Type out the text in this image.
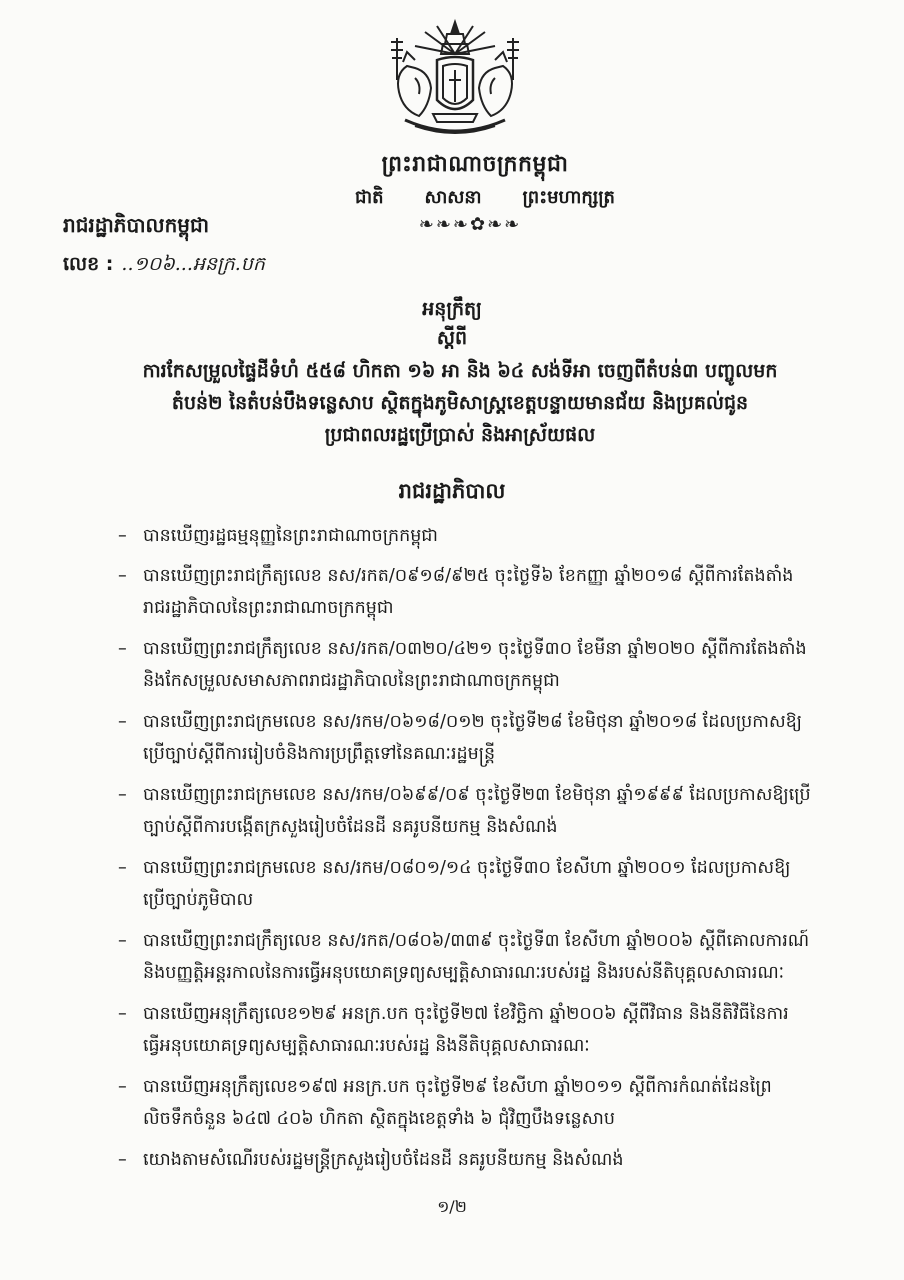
ព្រះរាជាណាចក្រកម្ពុជា
ជាតិ សាសនា ព្រះមហាក្សត្រ
❧❧❧✿❧❧
រាជរដ្ឋាភិបាលកម្ពុជា
លេខ : ..១០៦...អនក្រ.បក
អនុក្រឹត្យ
ស្តីពី
ការកែសម្រួលផ្ទៃដីទំហំ ៥៥៨ ហិកតា ១៦ អា និង ៦៤ សង់ទីអា ចេញពីតំបន់៣ បញ្ចូលមក
តំបន់២ នៃតំបន់បឹងទន្លេសាប ស្ថិតក្នុងភូមិសាស្ត្រខេត្តបន្ទាយមានជ័យ និងប្រគល់ជូន
ប្រជាពលរដ្ឋប្រើប្រាស់ និងអាស្រ័យផល
រាជរដ្ឋាភិបាល
– បានឃើញរដ្ឋធម្មនុញ្ញនៃព្រះរាជាណាចក្រកម្ពុជា
– បានឃើញព្រះរាជក្រឹត្យលេខ នស/រកត/០៩១៨/៩២៥ ចុះថ្ងៃទី៦ ខែកញ្ញា ឆ្នាំ២០១៨ ស្តីពីការតែងតាំង
រាជរដ្ឋាភិបាលនៃព្រះរាជាណាចក្រកម្ពុជា
– បានឃើញព្រះរាជក្រឹត្យលេខ នស/រកត/០៣២០/៤២១ ចុះថ្ងៃទី៣០ ខែមីនា ឆ្នាំ២០២០ ស្តីពីការតែងតាំង
និងកែសម្រួលសមាសភាពរាជរដ្ឋាភិបាលនៃព្រះរាជាណាចក្រកម្ពុជា
– បានឃើញព្រះរាជក្រមលេខ នស/រកម/០៦១៨/០១២ ចុះថ្ងៃទី២៨ ខែមិថុនា ឆ្នាំ២០១៨ ដែលប្រកាសឱ្យ
ប្រើច្បាប់ស្តីពីការរៀបចំនិងការប្រព្រឹត្តទៅនៃគណៈរដ្ឋមន្ត្រី
– បានឃើញព្រះរាជក្រមលេខ នស/រកម/០៦៩៩/០៩ ចុះថ្ងៃទី២៣ ខែមិថុនា ឆ្នាំ១៩៩៩ ដែលប្រកាសឱ្យប្រើ
ច្បាប់ស្តីពីការបង្កើតក្រសួងរៀបចំដែនដី នគរូបនីយកម្ម និងសំណង់
– បានឃើញព្រះរាជក្រមលេខ នស/រកម/០៨០១/១៤ ចុះថ្ងៃទី៣០ ខែសីហា ឆ្នាំ២០០១ ដែលប្រកាសឱ្យ
ប្រើច្បាប់ភូមិបាល
– បានឃើញព្រះរាជក្រឹត្យលេខ នស/រកត/០៨០៦/៣៣៩ ចុះថ្ងៃទី៣ ខែសីហា ឆ្នាំ២០០៦ ស្តីពីគោលការណ៍
និងបញ្ញត្តិអន្តរកាលនៃការធ្វើអនុបយោគទ្រព្យសម្បត្តិសាធារណៈរបស់រដ្ឋ និងរបស់នីតិបុគ្គលសាធារណៈ
– បានឃើញអនុក្រឹត្យលេខ១២៩ អនក្រ.បក ចុះថ្ងៃទី២៧ ខែវិច្ឆិកា ឆ្នាំ២០០៦ ស្តីពីវិធាន និងនីតិវិធីនៃការ
ធ្វើអនុបយោគទ្រព្យសម្បត្តិសាធារណៈរបស់រដ្ឋ និងនីតិបុគ្គលសាធារណៈ
– បានឃើញអនុក្រឹត្យលេខ១៩៧ អនក្រ.បក ចុះថ្ងៃទី២៩ ខែសីហា ឆ្នាំ២០១១ ស្តីពីការកំណត់ដែនព្រៃ
លិចទឹកចំនួន ៦៤៧ ៤០៦ ហិកតា ស្ថិតក្នុងខេត្តទាំង ៦ ជុំវិញបឹងទន្លេសាប
– យោងតាមសំណើរបស់រដ្ឋមន្ត្រីក្រសួងរៀបចំដែនដី នគរូបនីយកម្ម និងសំណង់
១/២
